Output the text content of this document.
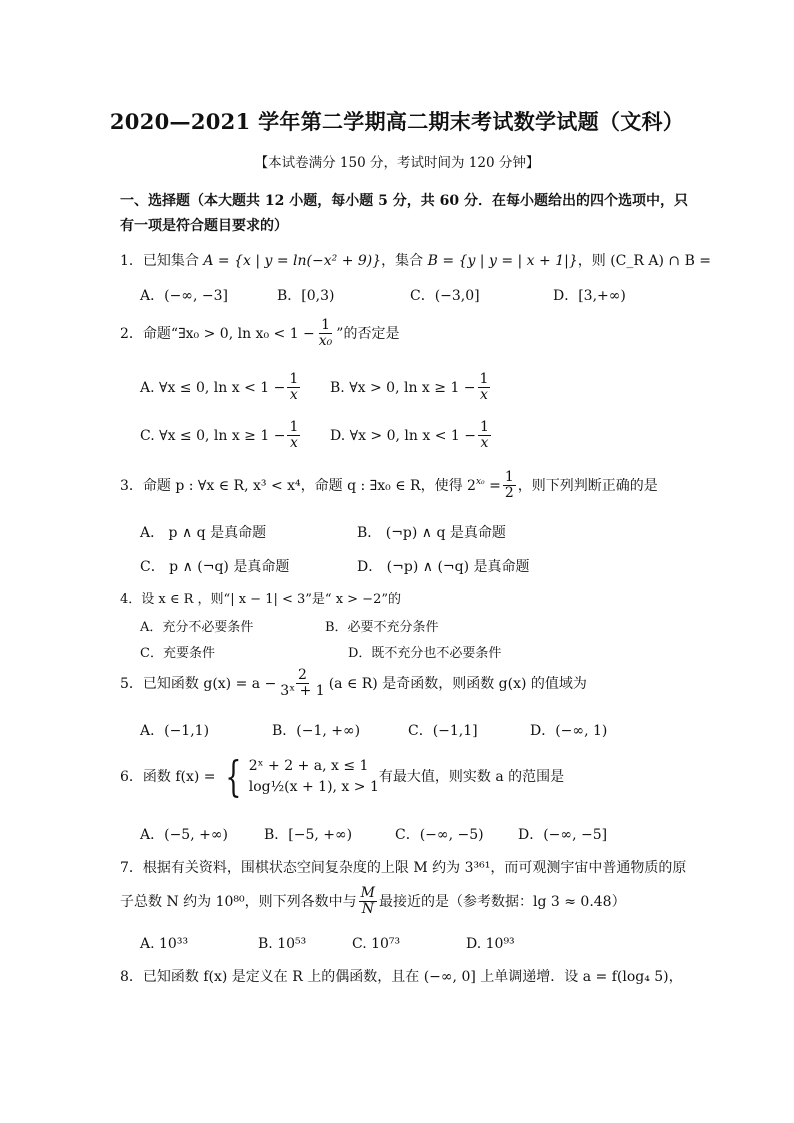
2020—2021 学年第二学期高二期末考试数学试题（文科）
【本试卷满分 150 分，考试时间为 120 分钟】
一、选择题（本大题共 12 小题，每小题 5 分，共 60 分．在每小题给出的四个选项中，只
有一项是符合题目要求的）
1．已知集合 A = {x | y = ln(−x² + 9)}，集合 B = {y | y = | x + 1|}，则 (C_R A) ∩ B =
A．(−∞, −3]	B．[0,3)	C．(−3,0]	D．[3,+∞)
2．命题“∃x₀ > 0, $\ln x_0 < 1 - \frac{1}{\text{x₀}}$ ”的否定是
A. ∀x ≤ 0, $\ln x < 1 - \frac{1}{x} B$. ∀x > 0, $\ln x \ge 1 - \frac{1}{x}$
C. ∀x ≤ 0, $\ln x \ge 1 - \frac{1}{x} D$. ∀x > 0, $\ln x < 1 - \frac{1}{x}$
3．命题 p : ∀x ∈ R, x³ < x⁴，命题 q : ∃x₀ ∈ R，使得 $2^{x_0} = \frac{1}{2}$ ，则下列判断正确的是
A． p ∧ q 是真命题	B． (¬p) ∧ q 是真命题
C． p ∧ (¬q) 是真命题	D． (¬p) ∧ (¬q) 是真命题
4．设 x ∈ R ，则“| x − 1| < 3”是“ x > −2”的
A．充分不必要条件	B．必要不充分条件
C．充要条件	D．既不充分也不必要条件
5．已知函数 $g(x) = a - \frac{2}{\text{3ˣ + 1}} (a$ ∈ R) 是奇函数，则函数 g(x) 的值域为
A．(−1,1)	B．(−1, +∞)	C．(−1,1]	D．(−∞, 1)
6．函数 f(x) = { 2ˣ + 2 + a, x ≤ 1
log½(x + 1), x > 1
有最大值，则实数 a 的范围是
A．(−5, +∞)	B．[−5, +∞)	C．(−∞, −5) D．(−∞, −5]
7．根据有关资料，围棋状态空间复杂度的上限 M 约为 3³⁶¹，而可观测宇宙中普通物质的原
子总数 N 约为 10⁸⁰，则下列各数中与 $\frac{M}{N}$ 最接近的是（参考数据：lg 3 ≈ 0.48）
A. 10³³	B. 10⁵³	C. 10⁷³	D. 10⁹³
8．已知函数 f(x) 是定义在 R 上的偶函数，且在 (−∞, 0] 上单调递增．设 a = f(log₄ 5)，
